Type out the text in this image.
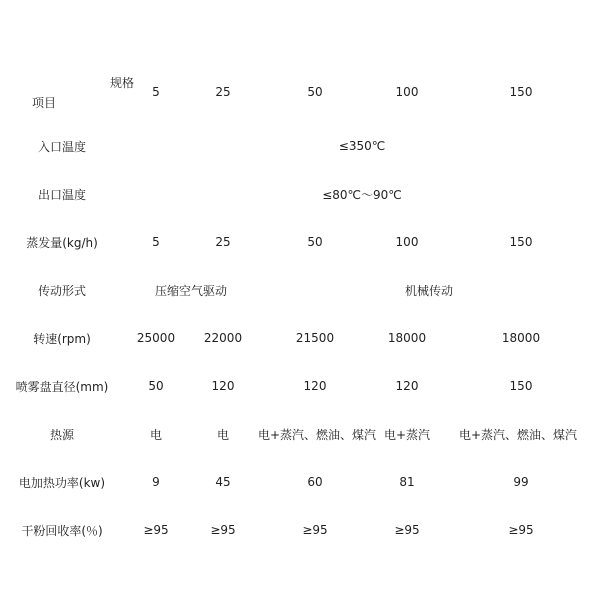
规格
项目	5	25	50	100	150
入口温度	≤350℃				
出口温度	≤80℃～90℃				
蒸发量(kg/h)	5	25	50	100	150
传动形式	压缩空气驱动		机械传动		
转速(rpm)	25000	22000	21500	18000	18000
喷雾盘直径(mm)	50	120	120	120	150
热源	电	电	电+蒸汽、燃油、煤汽	电+蒸汽	电+蒸汽、燃油、煤汽
电加热功率(kw)	9	45	60	81	99
干粉回收率(％)	≥95	≥95	≥95	≥95	≥95
